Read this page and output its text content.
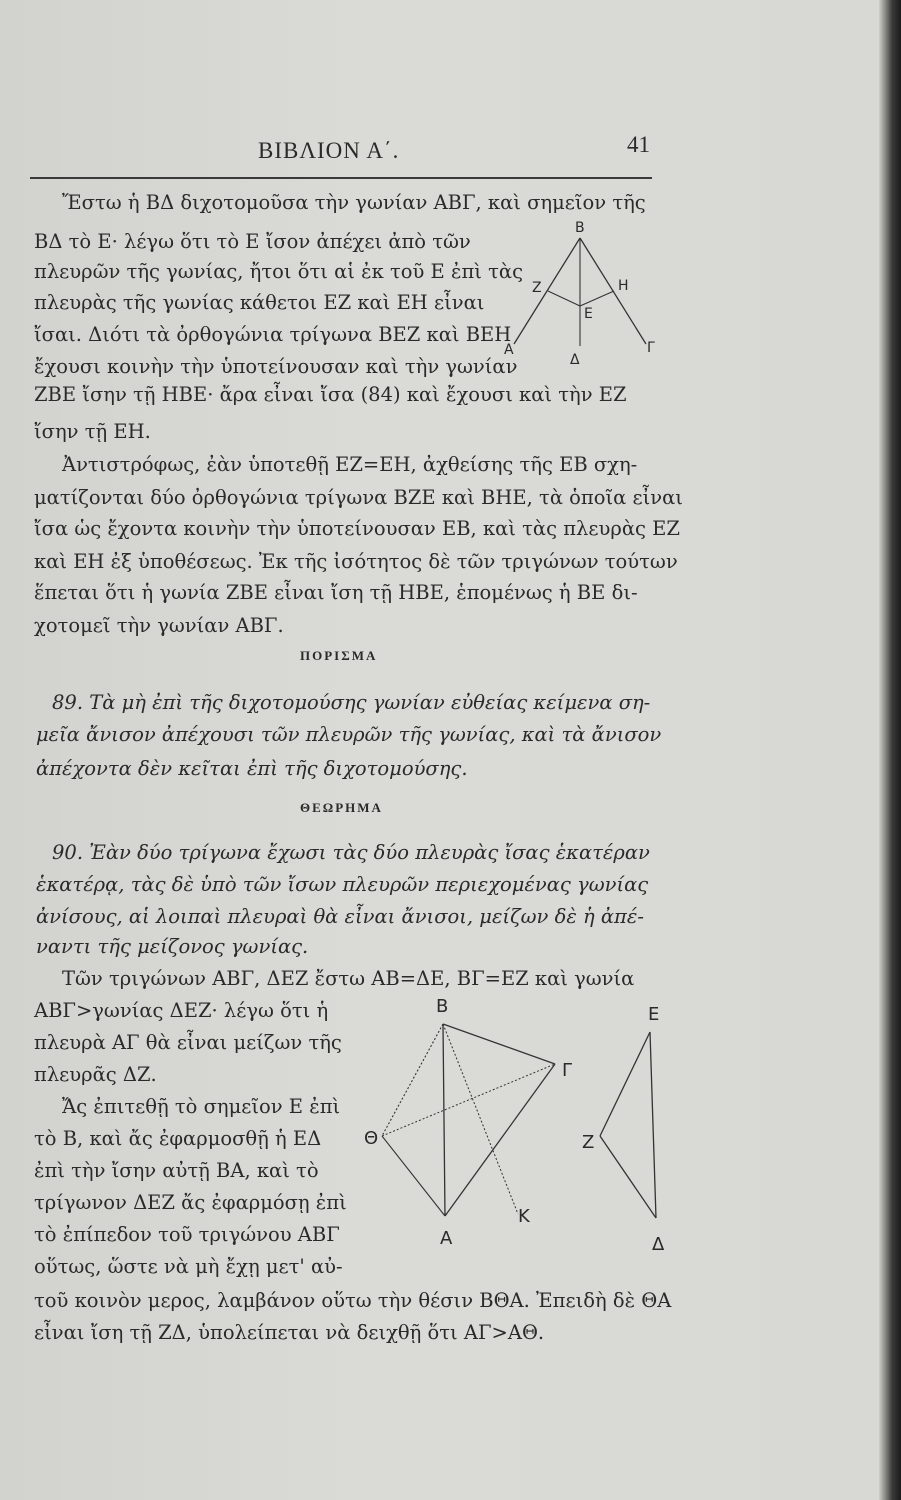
ΒΙΒΛΙΟΝ Α΄.	41
Ἔστω ἡ ΒΔ διχοτομοῦσα τὴν γωνίαν ΑΒΓ, καὶ σημεῖον τῆς
ΒΔ τὸ Ε· λέγω ὅτι τὸ Ε ἴσον ἀπέχει ἀπὸ τῶν
πλευρῶν τῆς γωνίας, ἤτοι ὅτι αἱ ἐκ τοῦ Ε ἐπὶ τὰς
πλευρὰς τῆς γωνίας κάθετοι ΕΖ καὶ ΕΗ εἶναι
ἴσαι. Διότι τὰ ὀρθογώνια τρίγωνα ΒΕΖ καὶ ΒΕΗ
ἔχουσι κοινὴν τὴν ὑποτείνουσαν καὶ τὴν γωνίαν
ΖΒΕ ἴσην τῇ ΗΒΕ· ἄρα εἶναι ἴσα (84) καὶ ἔχουσι καὶ τὴν ΕΖ
ἴσην τῇ ΕΗ.
Ἀντιστρόφως, ἐὰν ὑποτεθῇ ΕΖ=ΕΗ, ἀχθείσης τῆς ΕΒ σχη-
ματίζονται δύο ὀρθογώνια τρίγωνα ΒΖΕ καὶ ΒΗΕ, τὰ ὁποῖα εἶναι
ἴσα ὡς ἔχοντα κοινὴν τὴν ὑποτείνουσαν ΕΒ, καὶ τὰς πλευρὰς ΕΖ
καὶ ΕΗ ἐξ ὑποθέσεως. Ἐκ τῆς ἰσότητος δὲ τῶν τριγώνων τούτων
ἕπεται ὅτι ἡ γωνία ΖΒΕ εἶναι ἴση τῇ ΗΒΕ, ἑπομένως ἡ ΒΕ δι-
χοτομεῖ τὴν γωνίαν ΑΒΓ.
Β
Ζ	Η
Ε
Α
Δ
Γ
ΠΟΡΙΣΜΑ
89. Τὰ μὴ ἐπὶ τῆς διχοτομούσης γωνίαν εὐθείας κείμενα ση-
μεῖα ἄνισον ἀπέχουσι τῶν πλευρῶν τῆς γωνίας, καὶ τὰ ἄνισον
ἀπέχοντα δὲν κεῖται ἐπὶ τῆς διχοτομούσης.
ΘΕΩΡΗΜΑ
90. Ἐὰν δύο τρίγωνα ἔχωσι τὰς δύο πλευρὰς ἴσας ἑκατέραν
ἑκατέρᾳ, τὰς δὲ ὑπὸ τῶν ἴσων πλευρῶν περιεχομένας γωνίας
ἀνίσους, αἱ λοιπαὶ πλευραὶ θὰ εἶναι ἄνισοι, μείζων δὲ ἡ ἀπέ-
ναντι τῆς μείζονος γωνίας.
Τῶν τριγώνων ΑΒΓ, ΔΕΖ ἔστω ΑΒ=ΔΕ, ΒΓ=ΕΖ καὶ γωνία
ΑΒΓ>γωνίας ΔΕΖ· λέγω ὅτι ἡ
πλευρὰ ΑΓ θὰ εἶναι μείζων τῆς
πλευρᾶς ΔΖ.
Ἄς ἐπιτεθῇ τὸ σημεῖον Ε ἐπὶ
τὸ Β, καὶ ἄς ἐφαρμοσθῇ ἡ ΕΔ
ἐπὶ τὴν ἴσην αὐτῇ ΒΑ, καὶ τὸ
τρίγωνον ΔΕΖ ἄς ἐφαρμόσῃ ἐπὶ
τὸ ἐπίπεδον τοῦ τριγώνου ΑΒΓ
οὕτως, ὥστε νὰ μὴ ἔχῃ μετ' αὐ-
τοῦ κοινὸν μερος, λαμβάνον οὕτω τὴν θέσιν ΒΘΑ. Ἐπειδὴ δὲ ΘΑ
εἶναι ἴση τῇ ΖΔ, ὑπολείπεται νὰ δειχθῇ ὅτι ΑΓ>ΑΘ.
Β	Ε
Γ
Θ	Ζ
Κ
Α	Δ
